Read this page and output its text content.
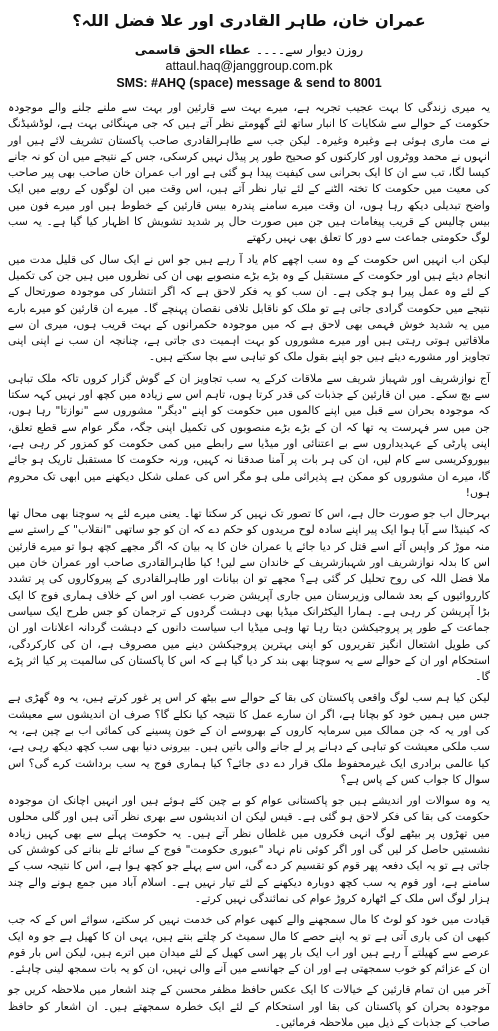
عمران خان، طاہر القادری اور علا فضل اللہ؟
روزن دیوار سے۔۔۔۔ عطاء الحق قاسمی
attaul.haq@janggroup.com.pk
SMS: #AHQ (space) message & send to 8001

یہ میری زندگی کا بہت عجیب تجربہ ہے، میرے بہت سے قارئین اور بہت سے ملنے جلنے والے موجودہ حکومت کے حوالے سے شکایات کا انبار ساتھ لئے گھومتے نظر آتے ہیں کہ جی مہنگائی بہت ہے، لوڈشیڈنگ نے مت ماری ہوئی ہے وغیرہ وغیرہ۔ لیکن جب سے طاہرالقادری صاحب پاکستان تشریف لائے ہیں اور انہوں نے محمد ووٹروں اور کارکنوں کو صحیح طور پر پیڈل نہیں کرسکی، جس کے نتیجے میں ان کو نہ جانے کیسا لگا، تب سے ان کا ایک بحرانی سی کیفیت پیدا ہو گئی ہے اور اب عمران خان صاحب بھی پیر صاحب کی معیت میں حکومت کا تختہ الٹنے کے لئے تیار نظر آتے ہیں، اس وقت میں ان لوگوں کے رویے میں ایک واضح تبدیلی دیکھ رہا ہوں، ان وقت میرے سامنے پندرہ بیس قارئین کے خطوط ہیں اور میرے فون میں بیس چالیس کے قریب پیغامات ہیں جن میں صورت حال پر شدید تشویش کا اظہار کیا گیا ہے۔ یہ سب لوگ حکومتی جماعت سے دور کا تعلق بھی نہیں رکھتے

لیکن اب انہیں اس حکومت کے وہ سب اچھے کام یاد آ رہے ہیں جو اس نے ایک سال کی قلیل مدت میں انجام دیئے ہیں اور حکومت کے مستقبل کے وہ بڑے بڑے منصوبے بھی ان کی نظروں میں ہیں جن کی تکمیل کے لئے وہ عمل پیرا ہو چکی ہے۔ ان سب کو یہ فکر لاحق ہے کہ اگر انتشار کی موجودہ صورتحال کے نتیجے میں حکومت گرادی جاتی ہے تو ملک کو ناقابل تلافی نقصان پہنچے گا۔ میرے ان قارئین کو میرے بارے میں یہ شدید خوش فہمی بھی لاحق ہے کہ میں موجودہ حکمرانوں کے بہت قریب ہوں، میری ان سے ملاقاتیں ہوتی رہتی ہیں اور میرے مشوروں کو بہت اہمیت دی جاتی ہے، چنانچہ ان سب نے اپنی اپنی تجاویز اور مشورے دیئے ہیں جو اپنے بقول ملک کو تباہی سے بچا سکتے ہیں۔

آج نوازشریف اور شہباز شریف سے ملاقات کرکے یہ سب تجاویز ان کے گوش گزار کروں تاکہ ملک تباہی سے بچ سکے۔ میں ان قارئین کے جذبات کی قدر کرتا ہوں، تاہم اس سے زیادہ میں کچھ اور نہیں کہہ سکتا کہ موجودہ بحران سے قبل میں اپنے کالموں میں حکومت کو اپنے "دیگر" مشوروں سے "نوازتا" رہا ہوں، جن میں سر فہرست یہ تھا کہ ان کے بڑے بڑے منصوبوں کی تکمیل اپنی جگہ، مگر عوام سے قطع تعلق، اپنی پارٹی کے عہدیداروں سے بے اعتنائی اور میڈیا سے رابطے میں کمی حکومت کو کمزور کر رہی ہے، بیوروکریسی سے کام لیں، ان کی ہر بات پر آمنا صدقنا نہ کہیں، ورنہ حکومت کا مستقبل تاریک ہو جائے گا، میرے ان مشوروں کو ممکن ہے پذیرائی ملی ہو مگر اس کی عملی شکل دیکھنے میں ابھی تک محروم ہوں!

بہرحال اب جو صورت حال ہے، اس کا تصور تک نہیں کر سکتا تھا۔ یعنی میرے لئے یہ سوچنا بھی محال تھا کہ کینیڈا سے آیا ہوا ایک پیر اپنے سادہ لوح مریدوں کو حکم دے کہ ان کو جو ساتھی "انقلاب" کے راستے سے منہ موڑ کر واپس آئے اسے قتل کر دیا جائے یا عمران خان کا یہ بیان کہ اگر مجھے کچھ ہوا تو میرے قارئین اس کا بدلہ نوازشریف اور شہبازشریف کے خاندان سے لیں! کیا طاہرالقادری صاحب اور عمران خان میں ملا فضل اللہ کی روح تحلیل کر گئی ہے؟ مجھے تو ان بیانات اور طاہرالقادری کے پیروکاروں کی پر تشدد کارروائیوں کے بعد شمالی وزیرستان میں جاری آپریشن ضرب عضب اور اس کے خلاف ہماری فوج کا ایک بڑا آپریشن کر رہی ہے۔ ہمارا الیکٹرانک میڈیا بھی دہشت گردوں کے ترجمان کو جس طرح ایک سیاسی جماعت کے طور پر پروجیکشن دیتا رہا تھا وہی میڈیا اب سیاست دانوں کے دہشت گردانہ اعلانات اور ان کی طویل اشتعال انگیز تقریروں کو اپنی بہترین پروجیکشن دینے میں مصروف ہے، ان کی کارکردگی، استحکام اور ان کے حوالے سے یہ سوچنا بھی بند کر دیا گیا ہے کہ اس کا پاکستان کی سالمیت پر کیا اثر پڑے گا۔

لیکن کیا ہم سب لوگ واقعی پاکستان کی بقا کے حوالے سے بیٹھ کر اس پر غور کرتے ہیں، یہ وہ گھڑی ہے جس میں ہمیں خود کو بچانا ہے، اگر ان سارے عمل کا نتیجہ کیا نکلے گا؟ صرف ان اندیشوں سے معیشت کی اور یہ کہ جن ممالک میں سرمایہ کاروں کے بھروسے ان کے خون پسینے کی کمائی اب بے چین ہے، یہ سب ملکی معیشت کو تباہی کے دہانے پر لے جانے والی باتیں ہیں۔ بیرونی دنیا بھی سب کچھ دیکھ رہی ہے، کیا عالمی برادری ایک غیرمحفوظ ملک قرار دے دی جائے؟ کیا ہماری فوج یہ سب برداشت کرے گی؟ اس سوال کا جواب کس کے پاس ہے؟

یہ وہ سوالات اور اندیشے ہیں جو پاکستانی عوام کو بے چین کئے ہوئے ہیں اور انہیں اچانک ان موجودہ حکومت کی بقا کی فکر لاحق ہو گئی ہے۔ قیس لیکن ان اندیشوں سے بھری نظر آتی ہیں اور گلی محلوں میں تھڑوں پر بیٹھے لوگ انہی فکروں میں غلطاں نظر آتے ہیں۔ یہ حکومت پہلے سے بھی کہیں زیادہ نشستیں حاصل کر لیں گی اور اگر کوئی نام نہاد "عبوری حکومت" فوج کے سائے تلے بنانے کی کوشش کی جاتی ہے تو یہ ایک دفعہ پھر قوم کو تقسیم کر دے گی، اس سے پہلے جو کچھ ہوا ہے، اس کا نتیجہ سب کے سامنے ہے، اور قوم یہ سب کچھ دوبارہ دیکھنے کے لئے تیار نہیں ہے۔ اسلام آباد میں جمع ہونے والے چند ہزار لوگ اس ملک کے اٹھارہ کروڑ عوام کی نمائندگی نہیں کرتے۔

قیادت میں خود کو لوٹ کا مال سمجھنے والے کبھی عوام کی خدمت نہیں کر سکتے، سوائے اس کے کہ جب کبھی ان کی باری آتی ہے تو یہ اپنے حصے کا مال سمیٹ کر چلتے بنتے ہیں، یہی ان کا کھیل ہے جو وہ ایک عرصے سے کھیلتے آ رہے ہیں اور اب ایک بار پھر اسی کھیل کے لئے میدان میں اترے ہیں، لیکن اس بار قوم ان کے عزائم کو خوب سمجھتی ہے اور ان کے جھانسے میں آنے والی نہیں، ان کو یہ بات سمجھ لینی چاہئے۔

آخر میں ان تمام قارئین کے خیالات کا ایک عکس حافظ مظفر محسن کے چند اشعار میں ملاحظہ کریں جو موجودہ بحران کو پاکستان کی بقا اور استحکام کے لئے ایک خطرہ سمجھتے ہیں۔ ان اشعار کو حافظ صاحب کے جذبات کے ذیل میں ملاحظہ فرمائیں۔
